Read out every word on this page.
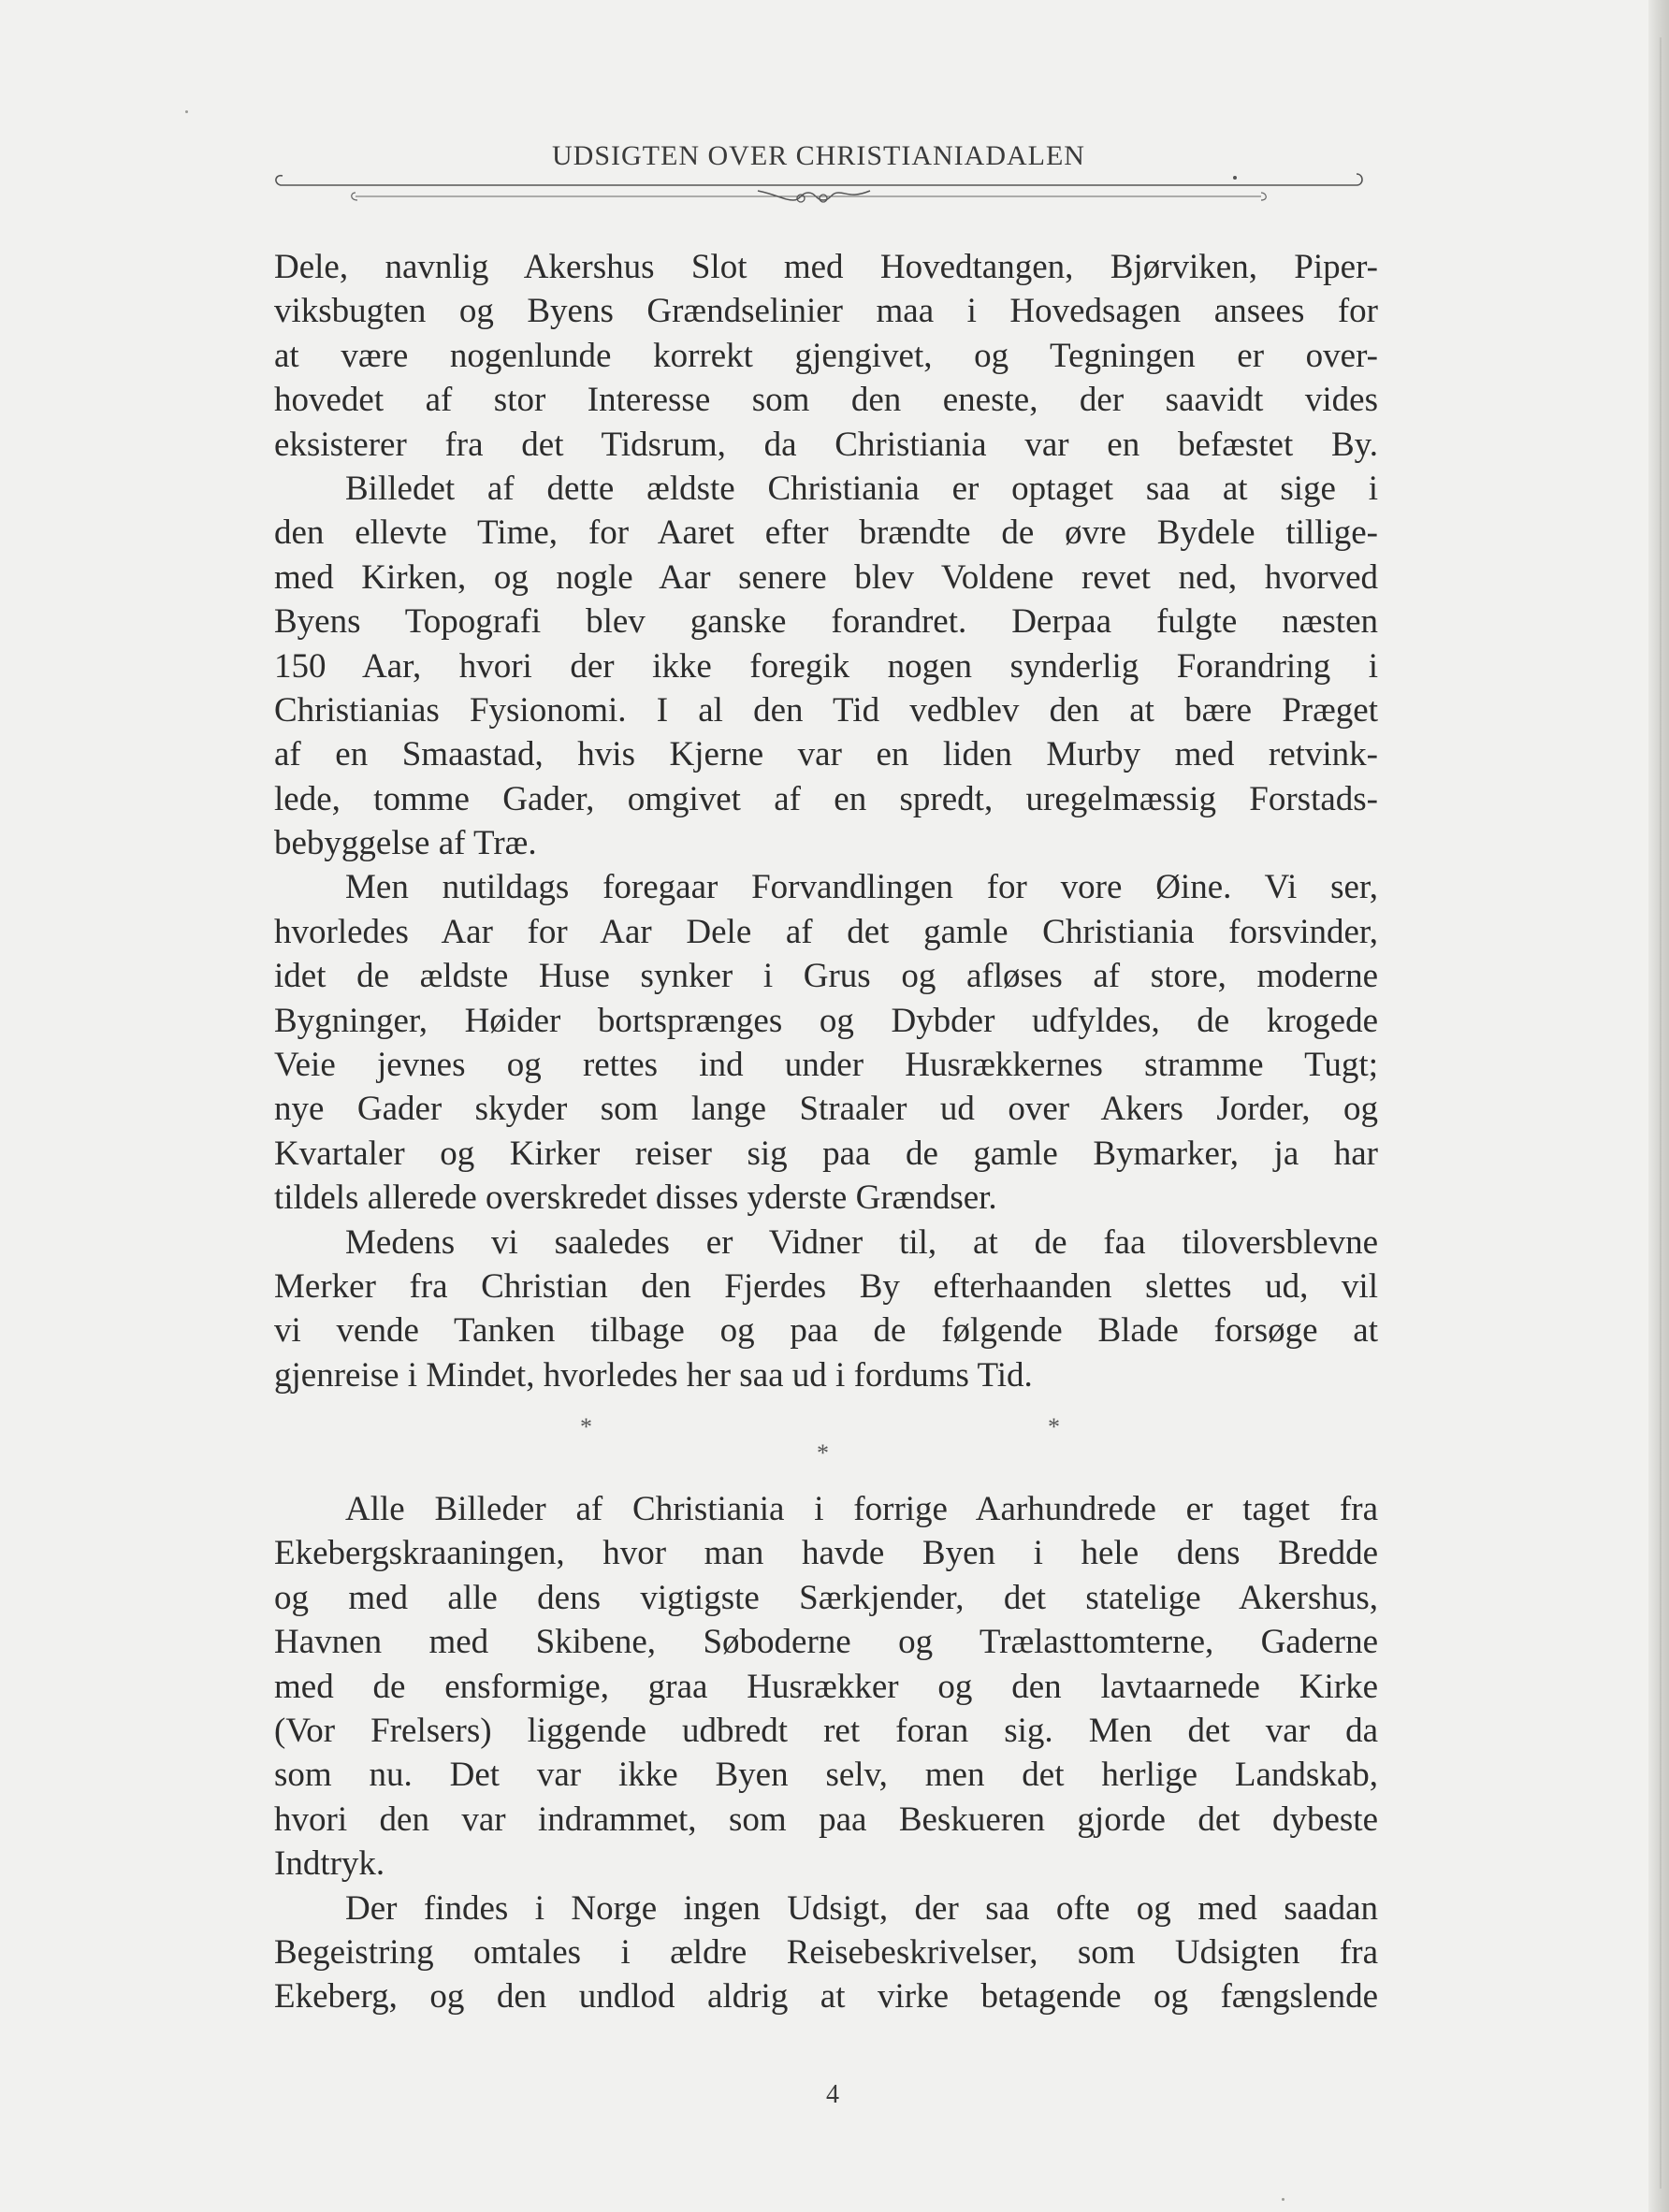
UDSIGTEN OVER CHRISTIANIADALEN
Dele, navnlig Akershus Slot med Hovedtangen, Bjørviken, Piper-
viksbugten og Byens Grændselinier maa i Hovedsagen ansees for
at være nogenlunde korrekt gjengivet, og Tegningen er over-
hovedet af stor Interesse som den eneste, der saavidt vides
eksisterer fra det Tidsrum, da Christiania var en befæstet By.
Billedet af dette ældste Christiania er optaget saa at sige i
den ellevte Time, for Aaret efter brændte de øvre Bydele tillige-
med Kirken, og nogle Aar senere blev Voldene revet ned, hvorved
Byens Topografi blev ganske forandret. Derpaa fulgte næsten
150 Aar, hvori der ikke foregik nogen synderlig Forandring i
Christianias Fysionomi. I al den Tid vedblev den at bære Præget
af en Smaastad, hvis Kjerne var en liden Murby med retvink-
lede, tomme Gader, omgivet af en spredt, uregelmæssig Forstads-
bebyggelse af Træ.
Men nutildags foregaar Forvandlingen for vore Øine. Vi ser,
hvorledes Aar for Aar Dele af det gamle Christiania forsvinder,
idet de ældste Huse synker i Grus og afløses af store, moderne
Bygninger, Høider bortsprænges og Dybder udfyldes, de krogede
Veie jevnes og rettes ind under Husrækkernes stramme Tugt;
nye Gader skyder som lange Straaler ud over Akers Jorder, og
Kvartaler og Kirker reiser sig paa de gamle Bymarker, ja har
tildels allerede overskredet disses yderste Grændser.
Medens vi saaledes er Vidner til, at de faa tiloversblevne
Merker fra Christian den Fjerdes By efterhaanden slettes ud, vil
vi vende Tanken tilbage og paa de følgende Blade forsøge at
gjenreise i Mindet, hvorledes her saa ud i fordums Tid.
*	*
*
Alle Billeder af Christiania i forrige Aarhundrede er taget fra
Ekebergskraaningen, hvor man havde Byen i hele dens Bredde
og med alle dens vigtigste Særkjender, det statelige Akershus,
Havnen med Skibene, Søboderne og Trælasttomterne, Gaderne
med de ensformige, graa Husrækker og den lavtaarnede Kirke
(Vor Frelsers) liggende udbredt ret foran sig. Men det var da
som nu. Det var ikke Byen selv, men det herlige Landskab,
hvori den var indrammet, som paa Beskueren gjorde det dybeste
Indtryk.
Der findes i Norge ingen Udsigt, der saa ofte og med saadan
Begeistring omtales i ældre Reisebeskrivelser, som Udsigten fra
Ekeberg, og den undlod aldrig at virke betagende og fængslende
4
